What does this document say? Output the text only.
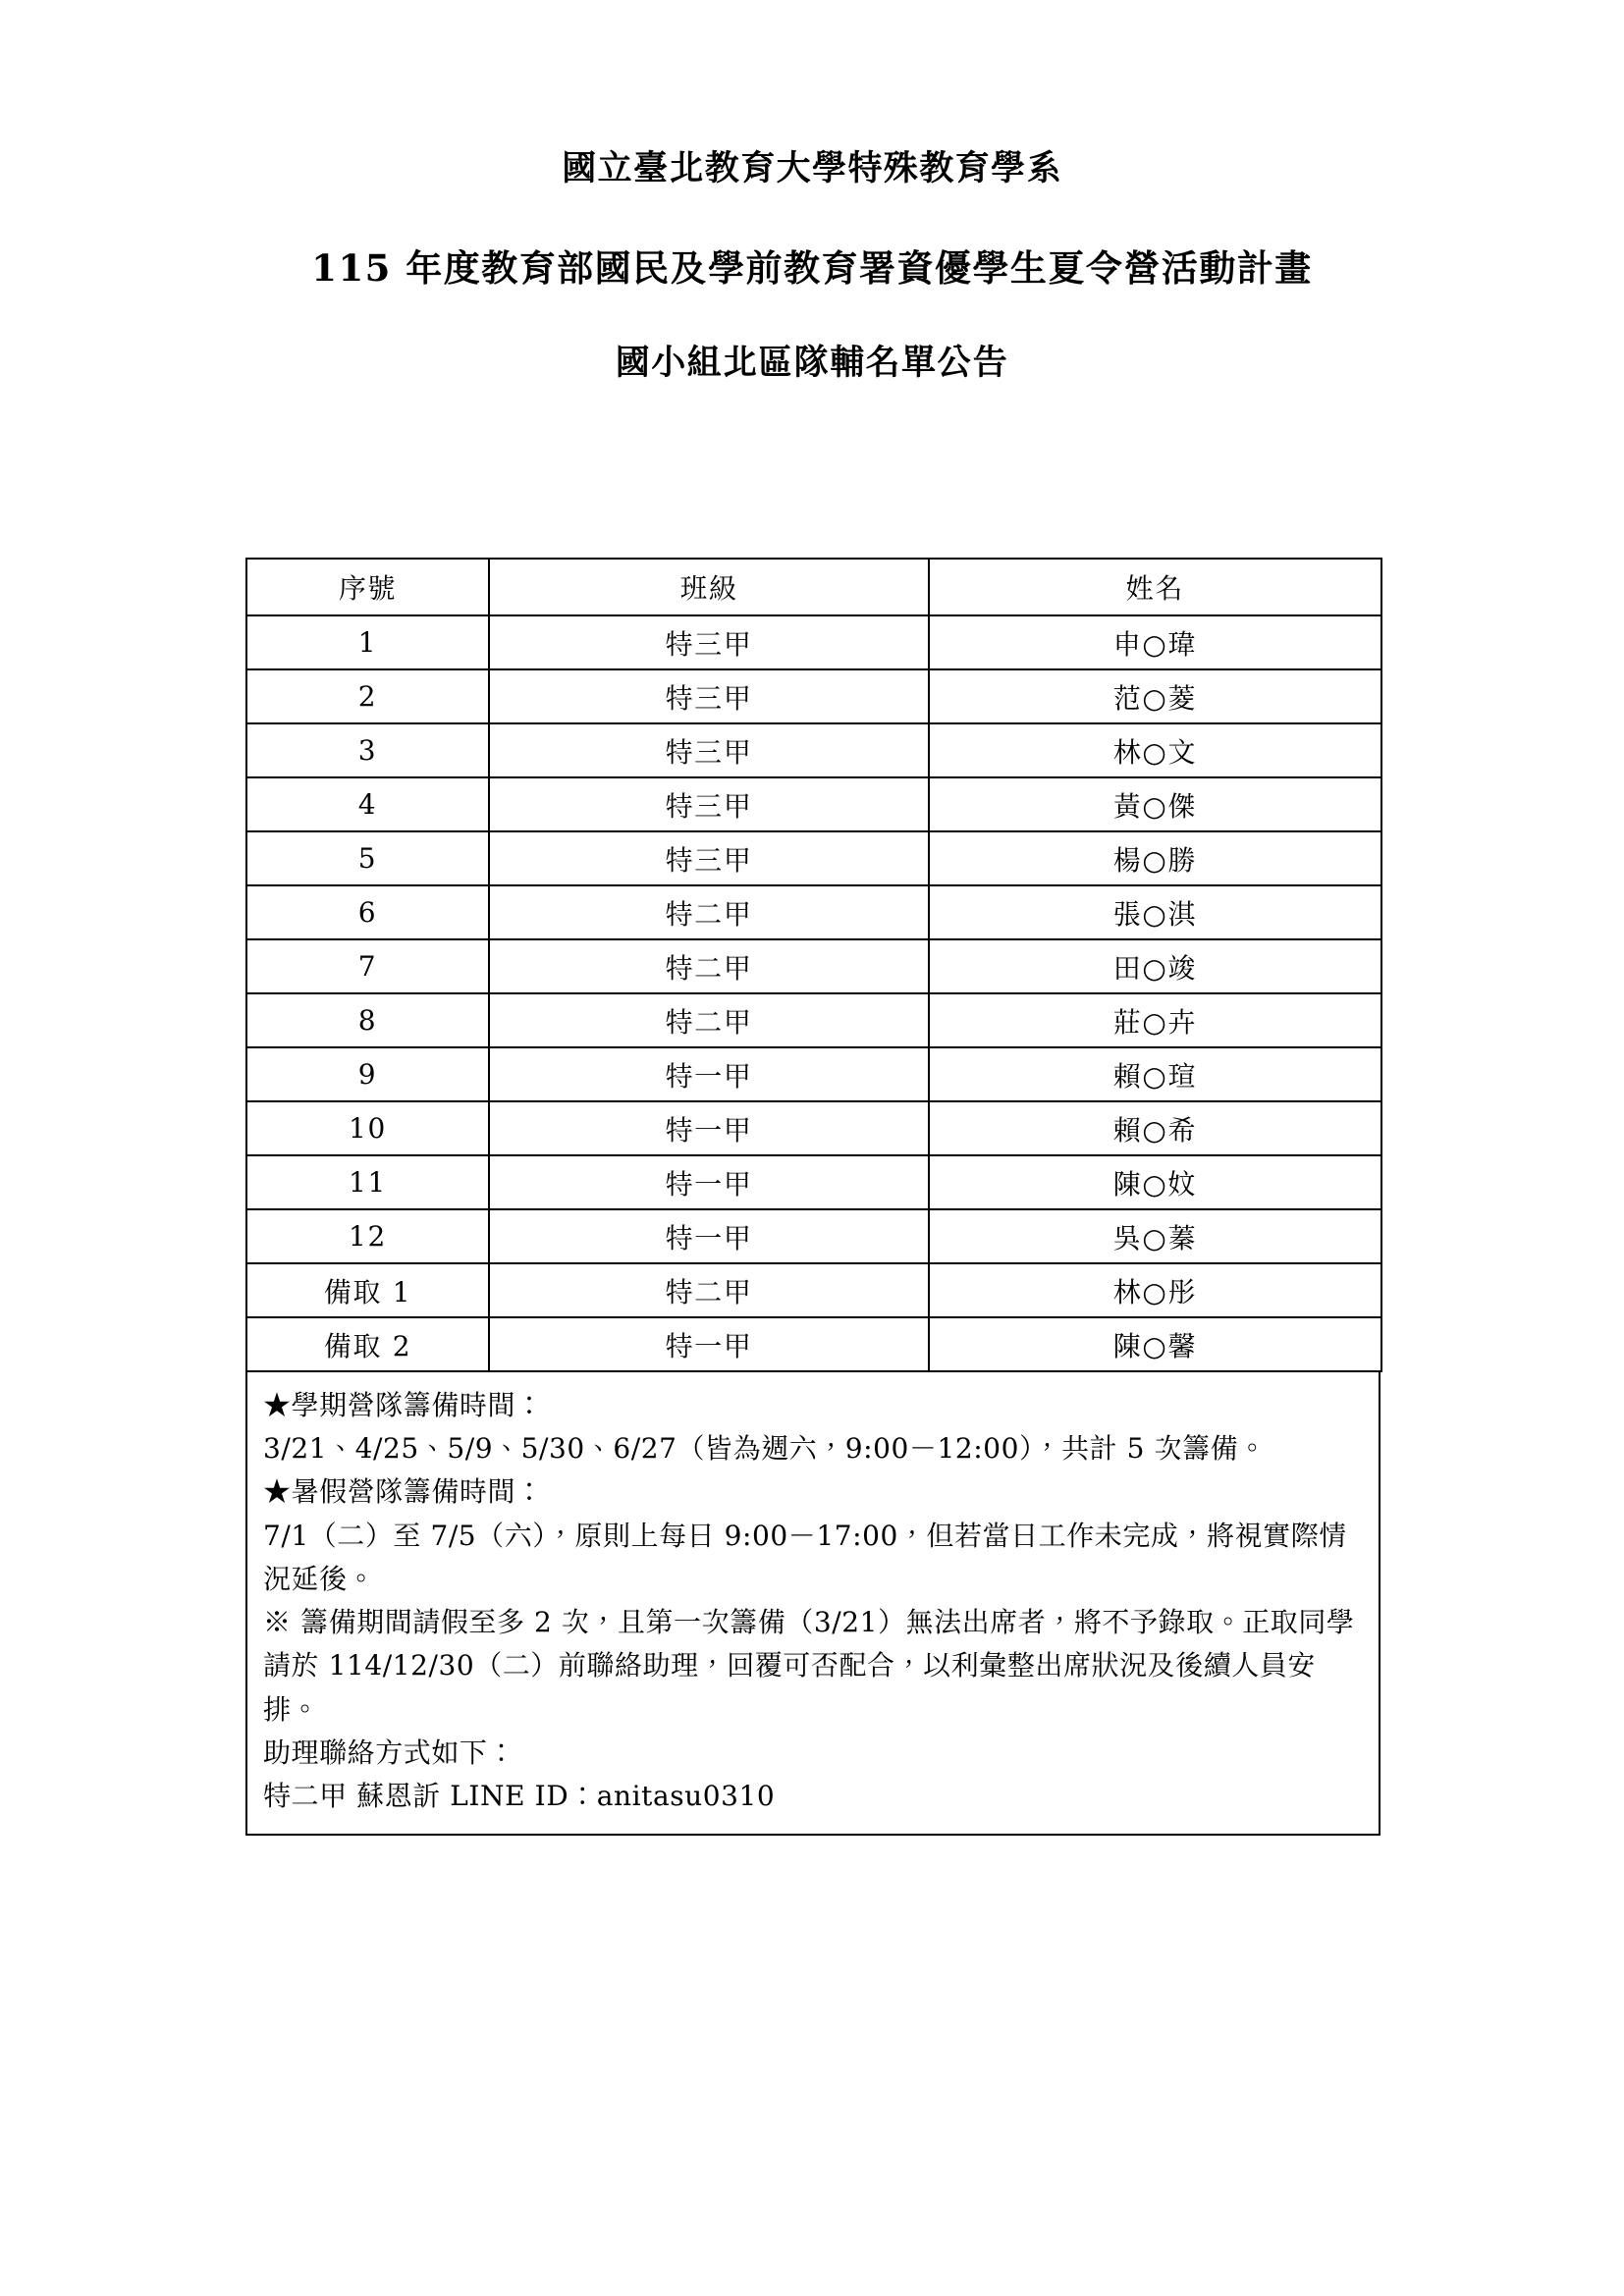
國立臺北教育大學特殊教育學系
115 年度教育部國民及學前教育署資優學生夏令營活動計畫
國小組北區隊輔名單公告
序號	班級	姓名
1	特三甲	申○瑋
2	特三甲	范○菱
3	特三甲	林○文
4	特三甲	黃○傑
5	特三甲	楊○勝
6	特二甲	張○淇
7	特二甲	田○竣
8	特二甲	莊○卉
9	特一甲	賴○瑄
10	特一甲	賴○希
11	特一甲	陳○妏
12	特一甲	吳○蓁
備取 1	特二甲	林○彤
備取 2	特一甲	陳○馨

★學期營隊籌備時間：

3/21、4/25、5/9、5/30、6/27（皆為週六，9:00－12:00），共計 5 次籌備。

★暑假營隊籌備時間：

7/1（二）至 7/5（六），原則上每日 9:00－17:00，但若當日工作未完成，將視實際情況延後。

※ 籌備期間請假至多 2 次，且第一次籌備（3/21）無法出席者，將不予錄取。正取同學請於 114/12/30（二）前聯絡助理，回覆可否配合，以利彙整出席狀況及後續人員安排。

助理聯絡方式如下：

特二甲 蘇恩訢 LINE ID：anitasu0310
